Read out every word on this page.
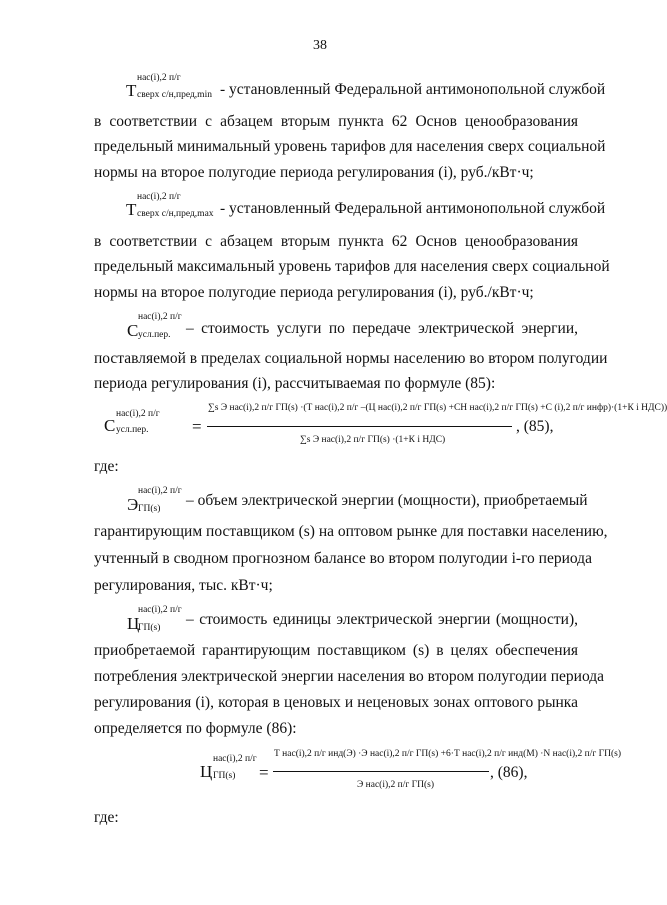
38
T
нас(i),2 п/г
сверх с/н,пред,min - установленный Федеральной антимонопольной службой
в соответствии с абзацем вторым пункта 62 Основ ценообразования
предельный минимальный уровень тарифов для населения сверх социальной
нормы на второе полугодие периода регулирования (i), руб./кВт·ч;
T
нас(i),2 п/г
сверх с/н,пред,max - установленный Федеральной антимонопольной службой
в соответствии с абзацем вторым пункта 62 Основ ценообразования
предельный максимальный уровень тарифов для населения сверх социальной
нормы на второе полугодие периода регулирования (i), руб./кВт·ч;
С
нас(i),2 п/г
усл.пер. – стоимость услуги по передаче электрической энергии,
поставляемой в пределах социальной нормы населению во втором полугодии
периода регулирования (i), рассчитываемая по формуле (85):
С
нас(i),2 п/г
усл.пер.	=
∑s Э нас(i),2 п/г ГП(s) ·(Т нас(i),2 п/г –(Ц нас(i),2 п/г ГП(s) +СН нас(i),2 п/г ГП(s) +С (i),2 п/г инфр)·(1+К i НДС))
∑s Э нас(i),2 п/г ГП(s) ·(1+К i НДС)
, (85),
где:
Э
нас(i),2 п/г
ГП(s) – объем электрической энергии (мощности), приобретаемый
гарантирующим поставщиком (s) на оптовом рынке для поставки населению,
учтенный в сводном прогнозном балансе во втором полугодии i-го периода
регулирования, тыс. кВт·ч;
Ц
нас(i),2 п/г
ГП(s) – стоимость единицы электрической энергии (мощности),
приобретаемой гарантирующим поставщиком (s) в целях обеспечения
потребления электрической энергии населения во втором полугодии периода
регулирования (i), которая в ценовых и неценовых зонах оптового рынка
определяется по формуле (86):
Ц
нас(i),2 п/г
ГП(s) =
Т нас(i),2 п/г инд(Э) ·Э нас(i),2 п/г ГП(s) +6·Т нас(i),2 п/г инд(М) ·N нас(i),2 п/г ГП(s)
Э нас(i),2 п/г ГП(s)
, (86),
где:
